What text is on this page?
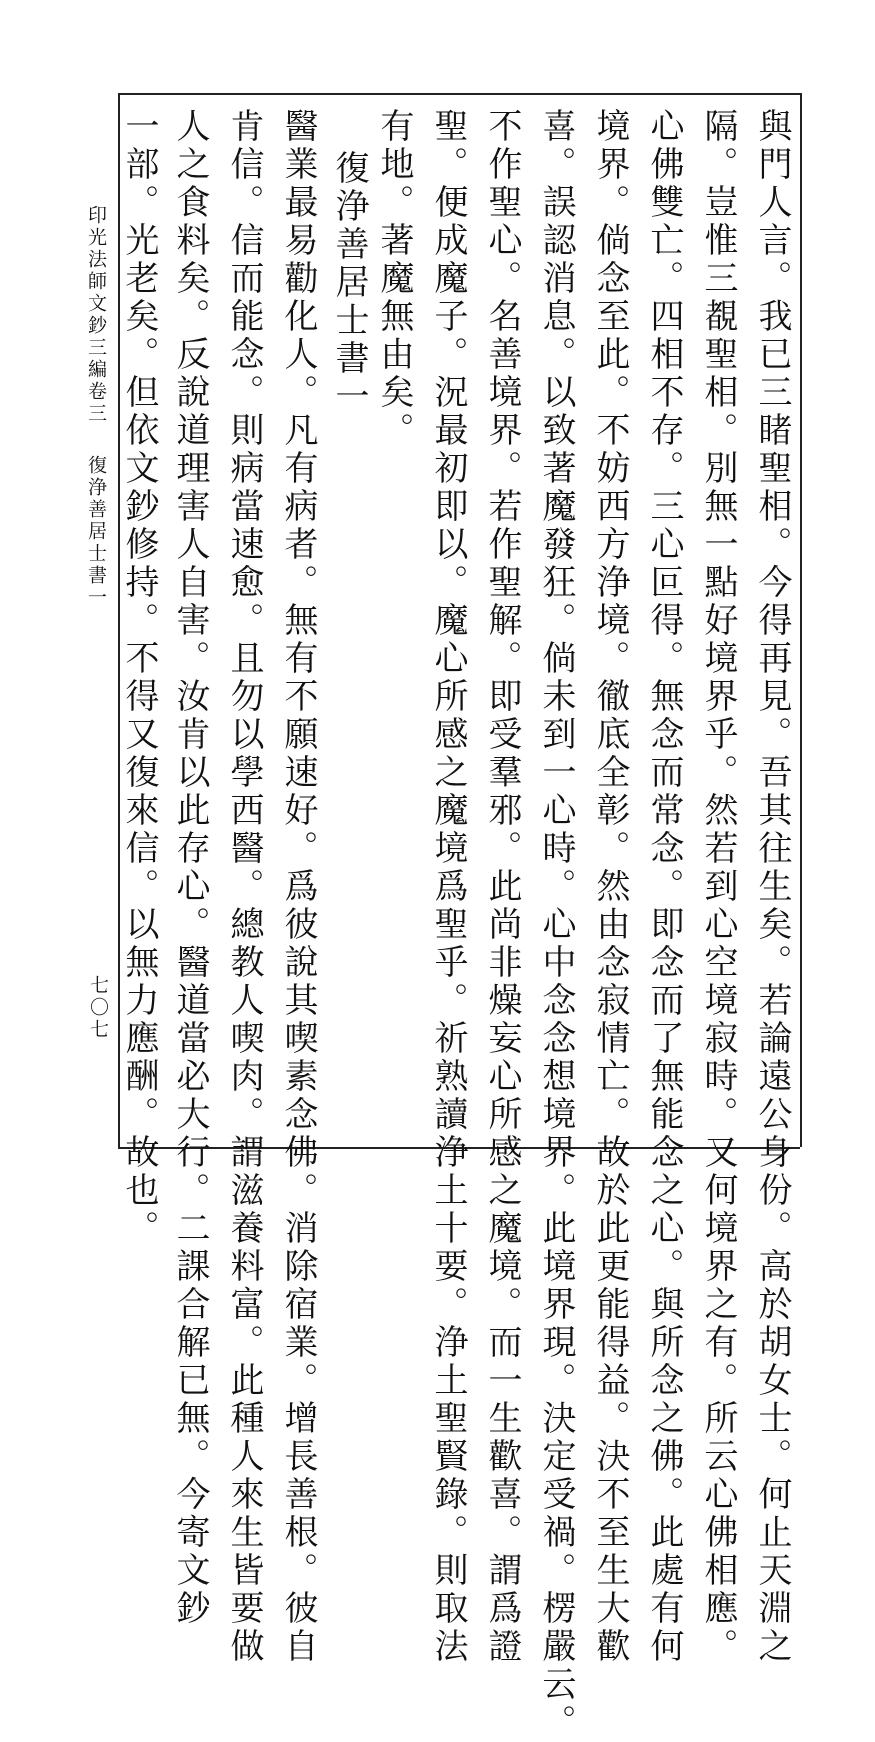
與門人言。我已三睹聖相。今得再見。吾其往生矣。若論遠公身份。高於胡女士。何止天淵之
隔。豈惟三覩聖相。別無一點好境界乎。然若到心空境寂時。又何境界之有。所云心佛相應。
心佛雙亡。四相不存。三心叵得。無念而常念。即念而了無能念之心。與所念之佛。此處有何
境界。倘念至此。不妨西方浄境。徹底全彰。然由念寂情亡。故於此更能得益。決不至生大歡
喜。誤認消息。以致著魔發狂。倘未到一心時。心中念念想境界。此境界現。決定受禍。楞嚴云。
不作聖心。名善境界。若作聖解。即受羣邪。此尚非燥妄心所感之魔境。而一生歡喜。謂爲證
聖。便成魔子。況最初即以。魔心所感之魔境爲聖乎。祈熟讀浄土十要。浄土聖賢錄。則取法
有地。著魔無由矣。
復浄善居士書一
醫業最易勸化人。凡有病者。無有不願速好。爲彼說其喫素念佛。消除宿業。增長善根。彼自
肯信。信而能念。則病當速愈。且勿以學西醫。總教人喫肉。謂滋養料富。此種人來生皆要做
人之食料矣。反說道理害人自害。汝肯以此存心。醫道當必大行。二課合解已無。今寄文鈔
一部。光老矣。但依文鈔修持。不得又復來信。以無力應酬。故也。
印光法師文鈔三編卷三
復浄善居士書一
七〇七
